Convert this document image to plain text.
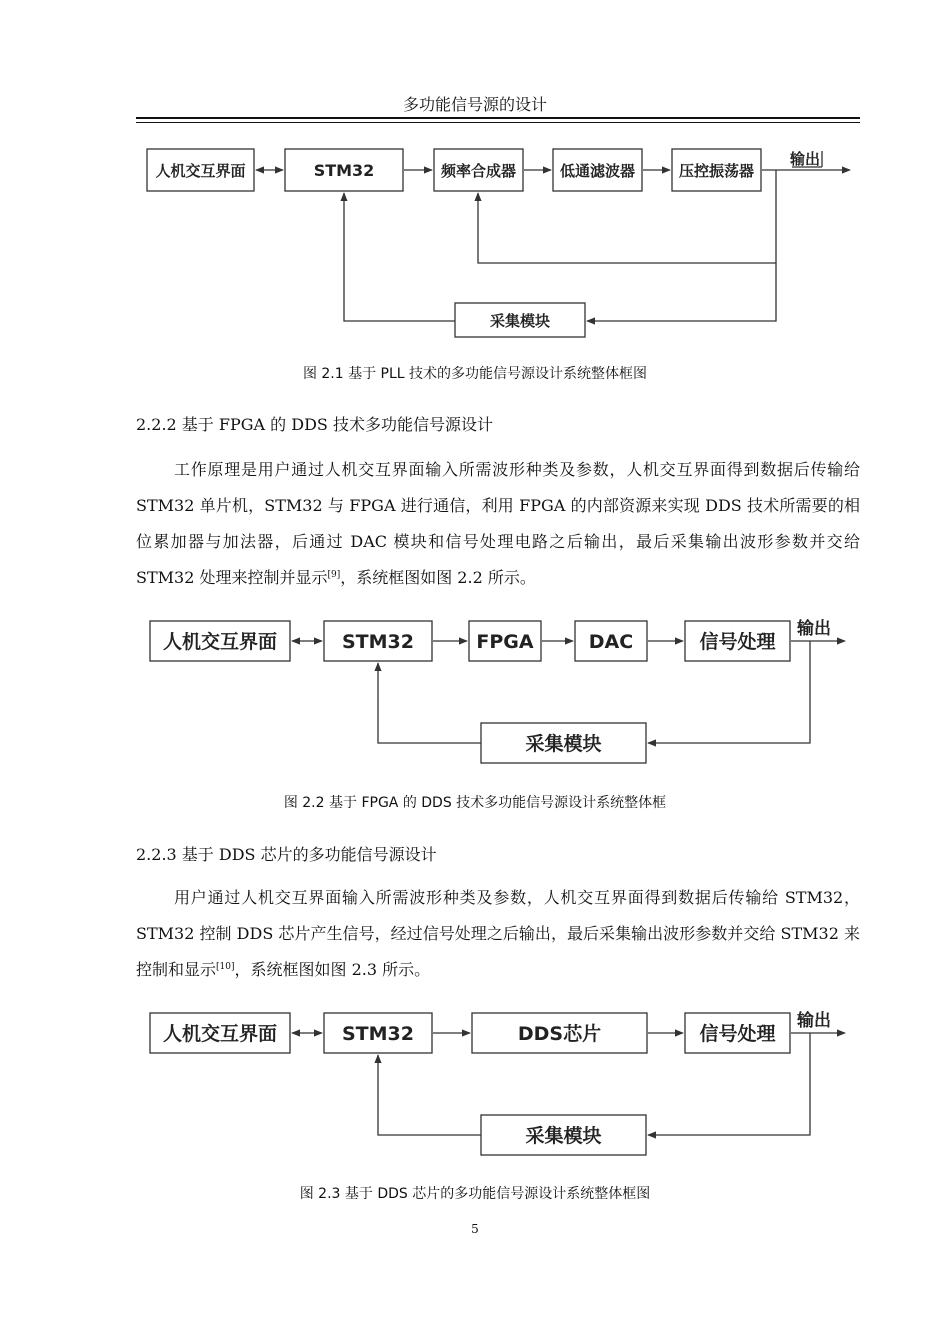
多功能信号源的设计
人机交互界面	STM32	频率合成器	低通滤波器	压控振荡器
采集模块
输出
图 2.1 基于 PLL 技术的多功能信号源设计系统整体框图
2.2.2 基于 FPGA 的 DDS 技术多功能信号源设计

工作原理是用户通过人机交互界面输入所需波形种类及参数，人机交互界面得到数据后传输给 STM32 单片机，STM32 与 FPGA 进行通信，利用 FPGA 的内部资源来实现 DDS 技术所需要的相位累加器与加法器，后通过 DAC 模块和信号处理电路之后输出，最后采集输出波形参数并交给 STM32 处理来控制并显示[9]，系统框图如图 2.2 所示。

人机交互界面	STM32	FPGA	DAC	信号处理
采集模块
输出
图 2.2 基于 FPGA 的 DDS 技术多功能信号源设计系统整体框
2.2.3 基于 DDS 芯片的多功能信号源设计

用户通过人机交互界面输入所需波形种类及参数，人机交互界面得到数据后传输给 STM32，STM32 控制 DDS 芯片产生信号，经过信号处理之后输出，最后采集输出波形参数并交给 STM32 来控制和显示[10]，系统框图如图 2.3 所示。

人机交互界面	STM32	DDS芯片	信号处理
采集模块
输出
图 2.3 基于 DDS 芯片的多功能信号源设计系统整体框图
5
